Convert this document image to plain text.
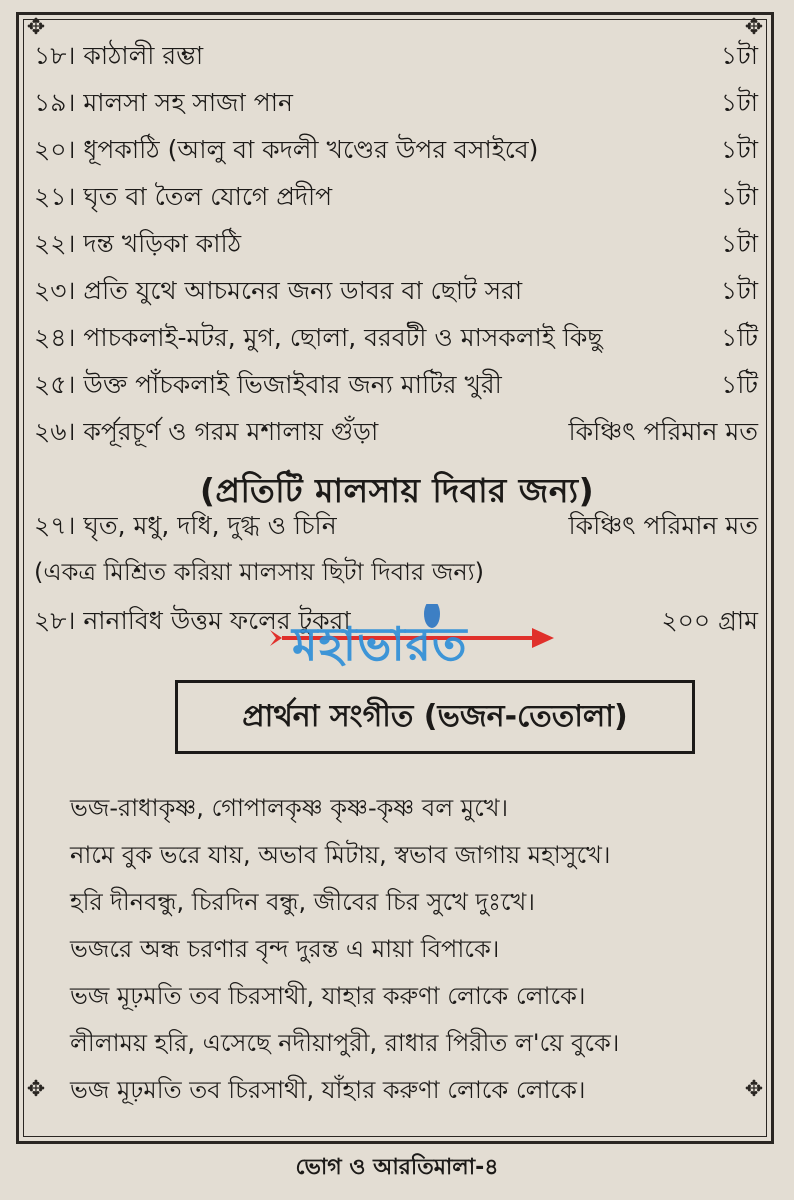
✥	✥
✥	✥
১৮। কাঠালী রম্ভা	১টা
১৯। মালসা সহ সাজা পান	১টা
২০। ধূপকাঠি (আলু বা কদলী খণ্ডের উপর বসাইবে)	১টা
২১। ঘৃত বা তৈল যোগে প্রদীপ	১টা
২২। দন্ত খড়িকা কাঠি	১টা
২৩। প্রতি যুথে আচমনের জন্য ডাবর বা ছোট সরা	১টা
২৪। পাচকলাই-মটর, মুগ, ছোলা, বরবটী ও মাসকলাই কিছু	১টি
২৫। উক্ত পাঁচকলাই ভিজাইবার জন্য মাটির খুরী	১টি
২৬। কর্পূরচূর্ণ ও গরম মশালায় গুঁড়া	কিঞ্চিৎ পরিমান মত
(প্রতিটি মালসায় দিবার জন্য)
২৭। ঘৃত, মধু, দধি, দুগ্ধ ও চিনি	কিঞ্চিৎ পরিমান মত
(একত্র মিশ্রিত করিয়া মালসায় ছিটা দিবার জন্য)
২৮। নানাবিধ উত্তম ফলের টুকরা	২০০ গ্রাম
মহাভারত
প্রার্থনা সংগীত (ভজন-তেতালা)
ভজ-রাধাকৃষ্ণ, গোপালকৃষ্ণ কৃষ্ণ-কৃষ্ণ বল মুখে।
নামে বুক ভরে যায়, অভাব মিটায়, স্বভাব জাগায় মহাসুখে।
হরি দীনবন্ধু, চিরদিন বন্ধু, জীবের চির সুখে দুঃখে।
ভজরে অন্ধ চরণার বৃন্দ দুরন্ত এ মায়া বিপাকে।
ভজ মূঢ়মতি তব চিরসাথী, যাহার করুণা লোকে লোকে।
লীলাময় হরি, এসেছে নদীয়াপুরী, রাধার পিরীত ল'য়ে বুকে।
ভজ মূঢ়মতি তব চিরসাথী, যাঁহার করুণা লোকে লোকে।
ভোগ ও আরতিমালা-৪
